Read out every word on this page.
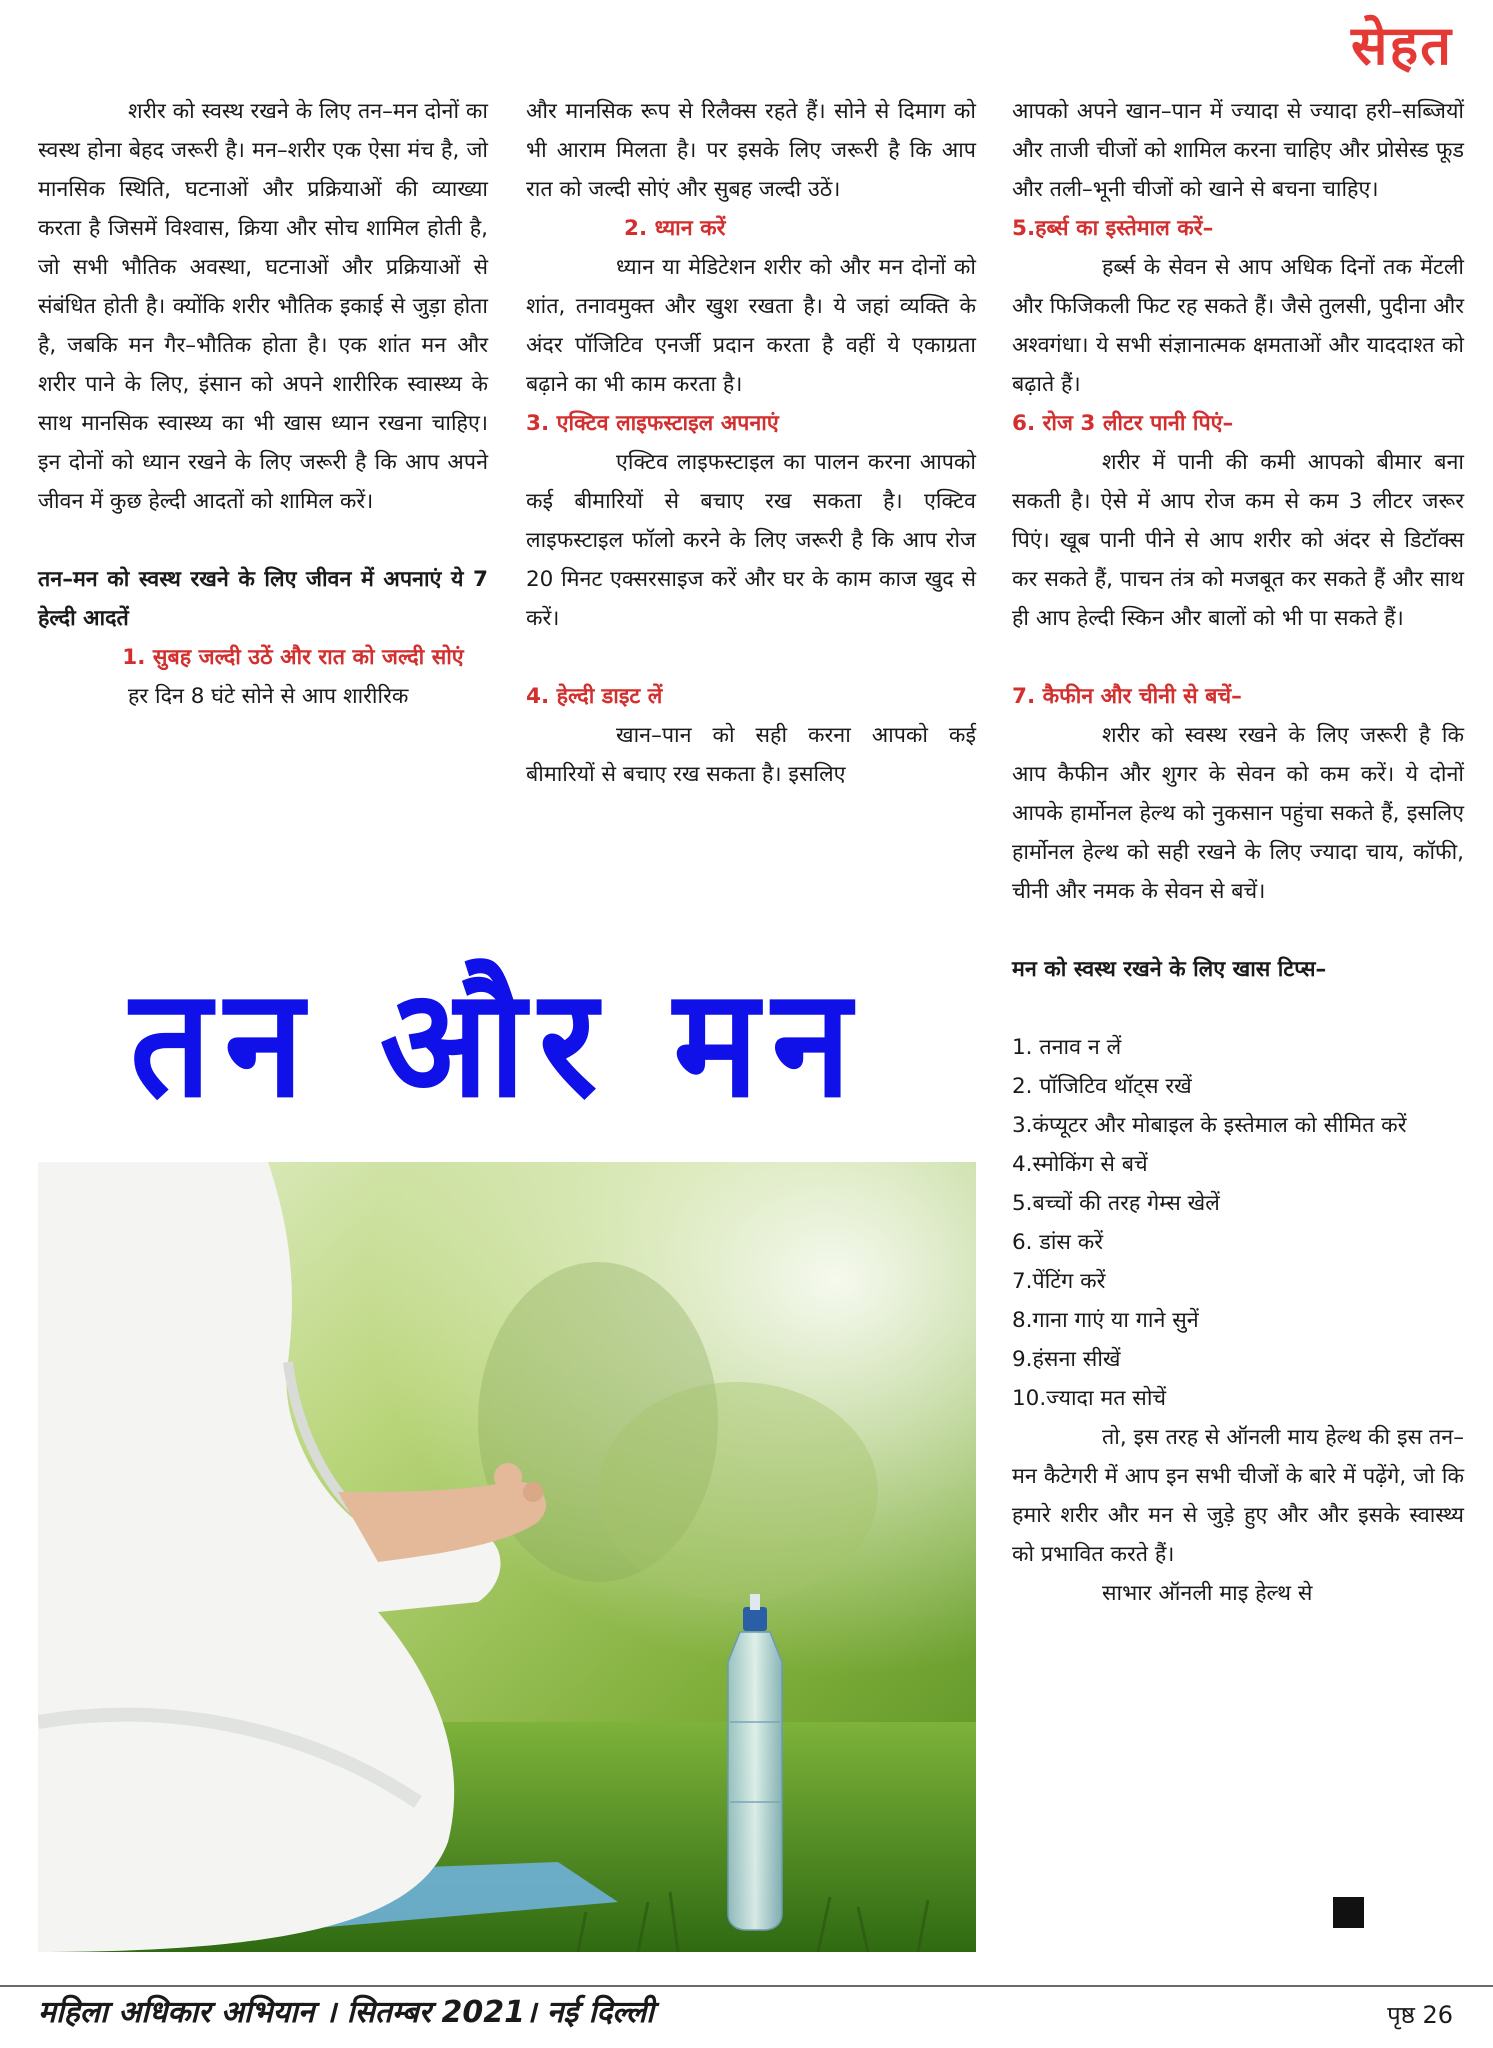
सेहत

शरीर को स्वस्थ रखने के लिए तन–मन दोनों का स्वस्थ होना बेहद जरूरी है। मन–शरीर एक ऐसा मंच है, जो मानसिक स्थिति, घटनाओं और प्रक्रियाओं की व्याख्या करता है जिसमें विश्वास, क्रिया और सोच शामिल होती है, जो सभी भौतिक अवस्था, घटनाओं और प्रक्रियाओं से संबंधित होती है। क्योंकि शरीर भौतिक इकाई से जुड़ा होता है, जबकि मन गैर–भौतिक होता है। एक शांत मन और शरीर पाने के लिए, इंसान को अपने शारीरिक स्वास्थ्य के साथ मानसिक स्वास्थ्य का भी खास ध्यान रखना चाहिए। इन दोनों को ध्यान रखने के लिए जरूरी है कि आप अपने जीवन में कुछ हेल्दी आदतों को शामिल करें।

तन–मन को स्वस्थ रखने के लिए जीवन में अपनाएं ये 7 हेल्दी आदतें

1. सुबह जल्दी उठें और रात को जल्दी सोएं

हर दिन 8 घंटे सोने से आप शारीरिक

और मानसिक रूप से रिलैक्स रहते हैं। सोने से दिमाग को भी आराम मिलता है। पर इसके लिए जरूरी है कि आप रात को जल्दी सोएं और सुबह जल्दी उठें।

2. ध्यान करें

ध्यान या मेडिटेशन शरीर को और मन दोनों को शांत, तनावमुक्त और खुश रखता है। ये जहां व्यक्ति के अंदर पॉजिटिव एनर्जी प्रदान करता है वहीं ये एकाग्रता बढ़ाने का भी काम करता है।

3. एक्टिव लाइफस्टाइल अपनाएं

एक्टिव लाइफस्टाइल का पालन करना आपको कई बीमारियों से बचाए रख सकता है। एक्टिव लाइफस्टाइल फॉलो करने के लिए जरूरी है कि आप रोज 20 मिनट एक्सरसाइज करें और घर के काम काज खुद से करें।

4. हेल्दी डाइट लें

खान–पान को सही करना आपको कई बीमारियों से बचाए रख सकता है। इसलिए

आपको अपने खान–पान में ज्यादा से ज्यादा हरी–सब्जियों और ताजी चीजों को शामिल करना चाहिए और प्रोसेस्ड फूड और तली–भूनी चीजों को खाने से बचना चाहिए।

5.हर्ब्स का इस्तेमाल करें–

हर्ब्स के सेवन से आप अधिक दिनों तक मेंटली और फिजिकली फिट रह सकते हैं। जैसे तुलसी, पुदीना और अश्वगंधा। ये सभी संज्ञानात्मक क्षमताओं और याददाश्त को बढ़ाते हैं।

6. रोज 3 लीटर पानी पिएं–

शरीर में पानी की कमी आपको बीमार बना सकती है। ऐसे में आप रोज कम से कम 3 लीटर जरूर पिएं। खूब पानी पीने से आप शरीर को अंदर से डिटॉक्स कर सकते हैं, पाचन तंत्र को मजबूत कर सकते हैं और साथ ही आप हेल्दी स्किन और बालों को भी पा सकते हैं।

7. कैफीन और चीनी से बचें–

शरीर को स्वस्थ रखने के लिए जरूरी है कि आप कैफीन और शुगर के सेवन को कम करें। ये दोनों आपके हार्मोनल हेल्थ को नुकसान पहुंचा सकते हैं, इसलिए हार्मोनल हेल्थ को सही रखने के लिए ज्यादा चाय, कॉफी, चीनी और नमक के सेवन से बचें।

मन को स्वस्थ रखने के लिए खास टिप्स–

1. तनाव न लें

2. पॉजिटिव थॉट्स रखें

3.कंप्यूटर और मोबाइल के इस्तेमाल को सीमित करें

4.स्मोकिंग से बचें

5.बच्चों की तरह गेम्स खेलें

6. डांस करें

7.पेंटिंग करें

8.गाना गाएं या गाने सुनें

9.हंसना सीखें

10.ज्यादा मत सोचें

तो, इस तरह से ऑनली माय हेल्थ की इस तन–मन कैटेगरी में आप इन सभी चीजों के बारे में पढ़ेंगे, जो कि हमारे शरीर और मन से जुड़े हुए और और इसके स्वास्थ्य को प्रभावित करते हैं।

साभार ऑनली माइ हेल्थ से

तन और मन
महिला अधिकार अभियान । सितम्बर 2021। नई दिल्ली	पृष्ठ 26
